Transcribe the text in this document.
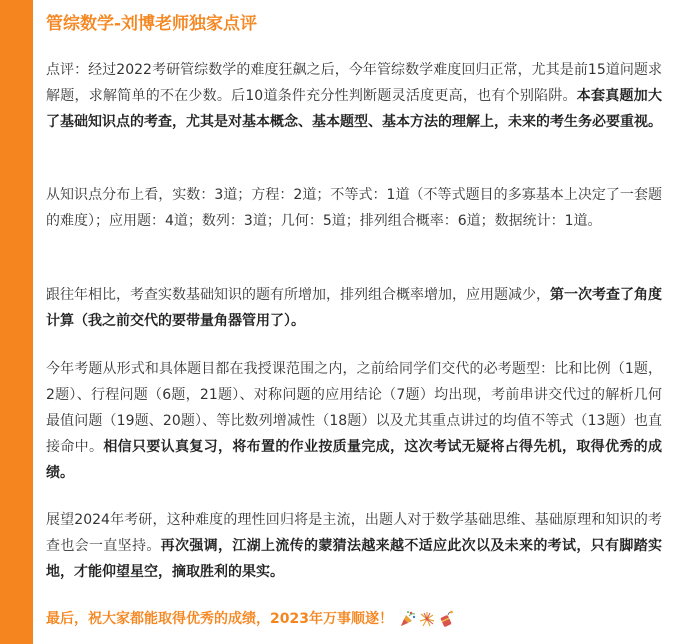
管综数学-刘博老师独家点评

点评：经过2022考研管综数学的难度狂飙之后，今年管综数学难度回归正常，尤其是前15道问题求解题，求解简单的不在少数。后10道条件充分性判断题灵活度更高，也有个别陷阱。本套真题加大了基础知识点的考查，尤其是对基本概念、基本题型、基本方法的理解上，未来的考生务必要重视。

从知识点分布上看，实数：3道；方程：2道；不等式：1道（不等式题目的多寡基本上决定了一套题的难度）；应用题：4道；数列：3道；几何：5道；排列组合概率：6道；数据统计：1道。

跟往年相比，考查实数基础知识的题有所增加，排列组合概率增加，应用题减少，第一次考查了角度计算（我之前交代的要带量角器管用了）。

今年考题从形式和具体题目都在我授课范围之内，之前给同学们交代的必考题型：比和比例（1题，2题）、行程问题（6题，21题）、对称问题的应用结论（7题）均出现，考前串讲交代过的解析几何最值问题（19题、20题）、等比数列增减性（18题）以及尤其重点讲过的均值不等式（13题）也直接命中。相信只要认真复习，将布置的作业按质量完成，这次考试无疑将占得先机，取得优秀的成绩。

展望2024年考研，这种难度的理性回归将是主流，出题人对于数学基础思维、基础原理和知识的考查也会一直坚持。再次强调，江湖上流传的蒙猜法越来越不适应此次以及未来的考试，只有脚踏实地，才能仰望星空，摘取胜利的果实。

最后，祝大家都能取得优秀的成绩，2023年万事顺遂！
